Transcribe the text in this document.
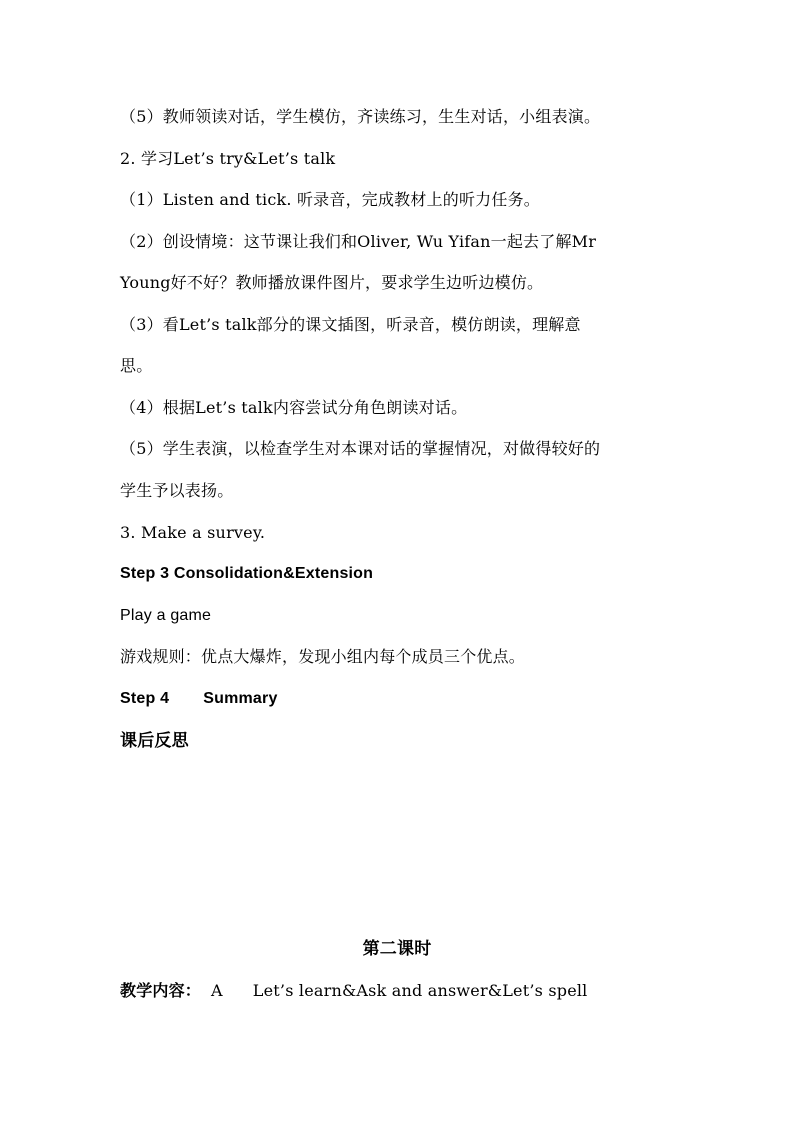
（5）教师领读对话，学生模仿，齐读练习，生生对话，小组表演。
2. 学习Let’s try&Let’s talk
（1）Listen and tick. 听录音，完成教材上的听力任务。
（2）创设情境：这节课让我们和Oliver, Wu Yifan一起去了解Mr
Young好不好？教师播放课件图片，要求学生边听边模仿。
（3）看Let’s talk部分的课文插图，听录音，模仿朗读，理解意
思。
（4）根据Let’s talk内容尝试分角色朗读对话。
（5）学生表演，以检查学生对本课对话的掌握情况，对做得较好的
学生予以表扬。
3. Make a survey.
Step 3 Consolidation&Extension
Play a game
游戏规则：优点大爆炸，发现小组内每个成员三个优点。
Step 4 Summary
课后反思
第二课时
教学内容： A Let’s learn&Ask and answer&Let’s spell
